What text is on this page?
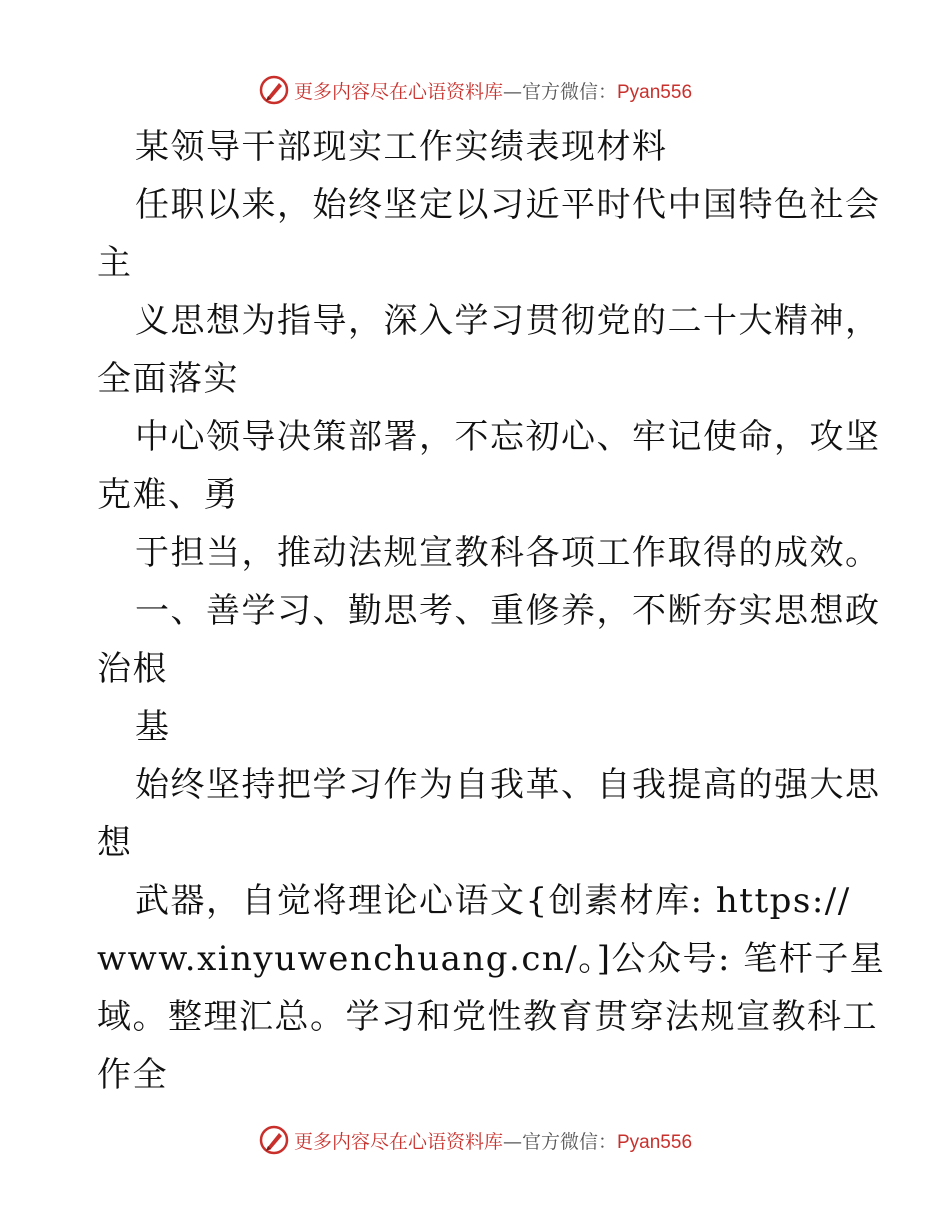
更多内容尽在心语资料库—官方微信：Pyan556
某领导干部现实工作实绩表现材料
任职以来，始终坚定以习近平时代中国特色社会
主
义思想为指导，深入学习贯彻党的二十大精神，
全面落实
中心领导决策部署，不忘初心、牢记使命，攻坚
克难、勇
于担当，推动法规宣教科各项工作取得的成效。
一、善学习、勤思考、重修养，不断夯实思想政
治根
基
始终坚持把学习作为自我革、自我提高的强大思
想
武器，自觉将理论心语文{创素材库: https://
www.xinyuwenchuang.cn/。]公众号: 笔杆子星
域。整理汇总。学习和党性教育贯穿法规宣教科工
作全
更多内容尽在心语资料库—官方微信：Pyan556
